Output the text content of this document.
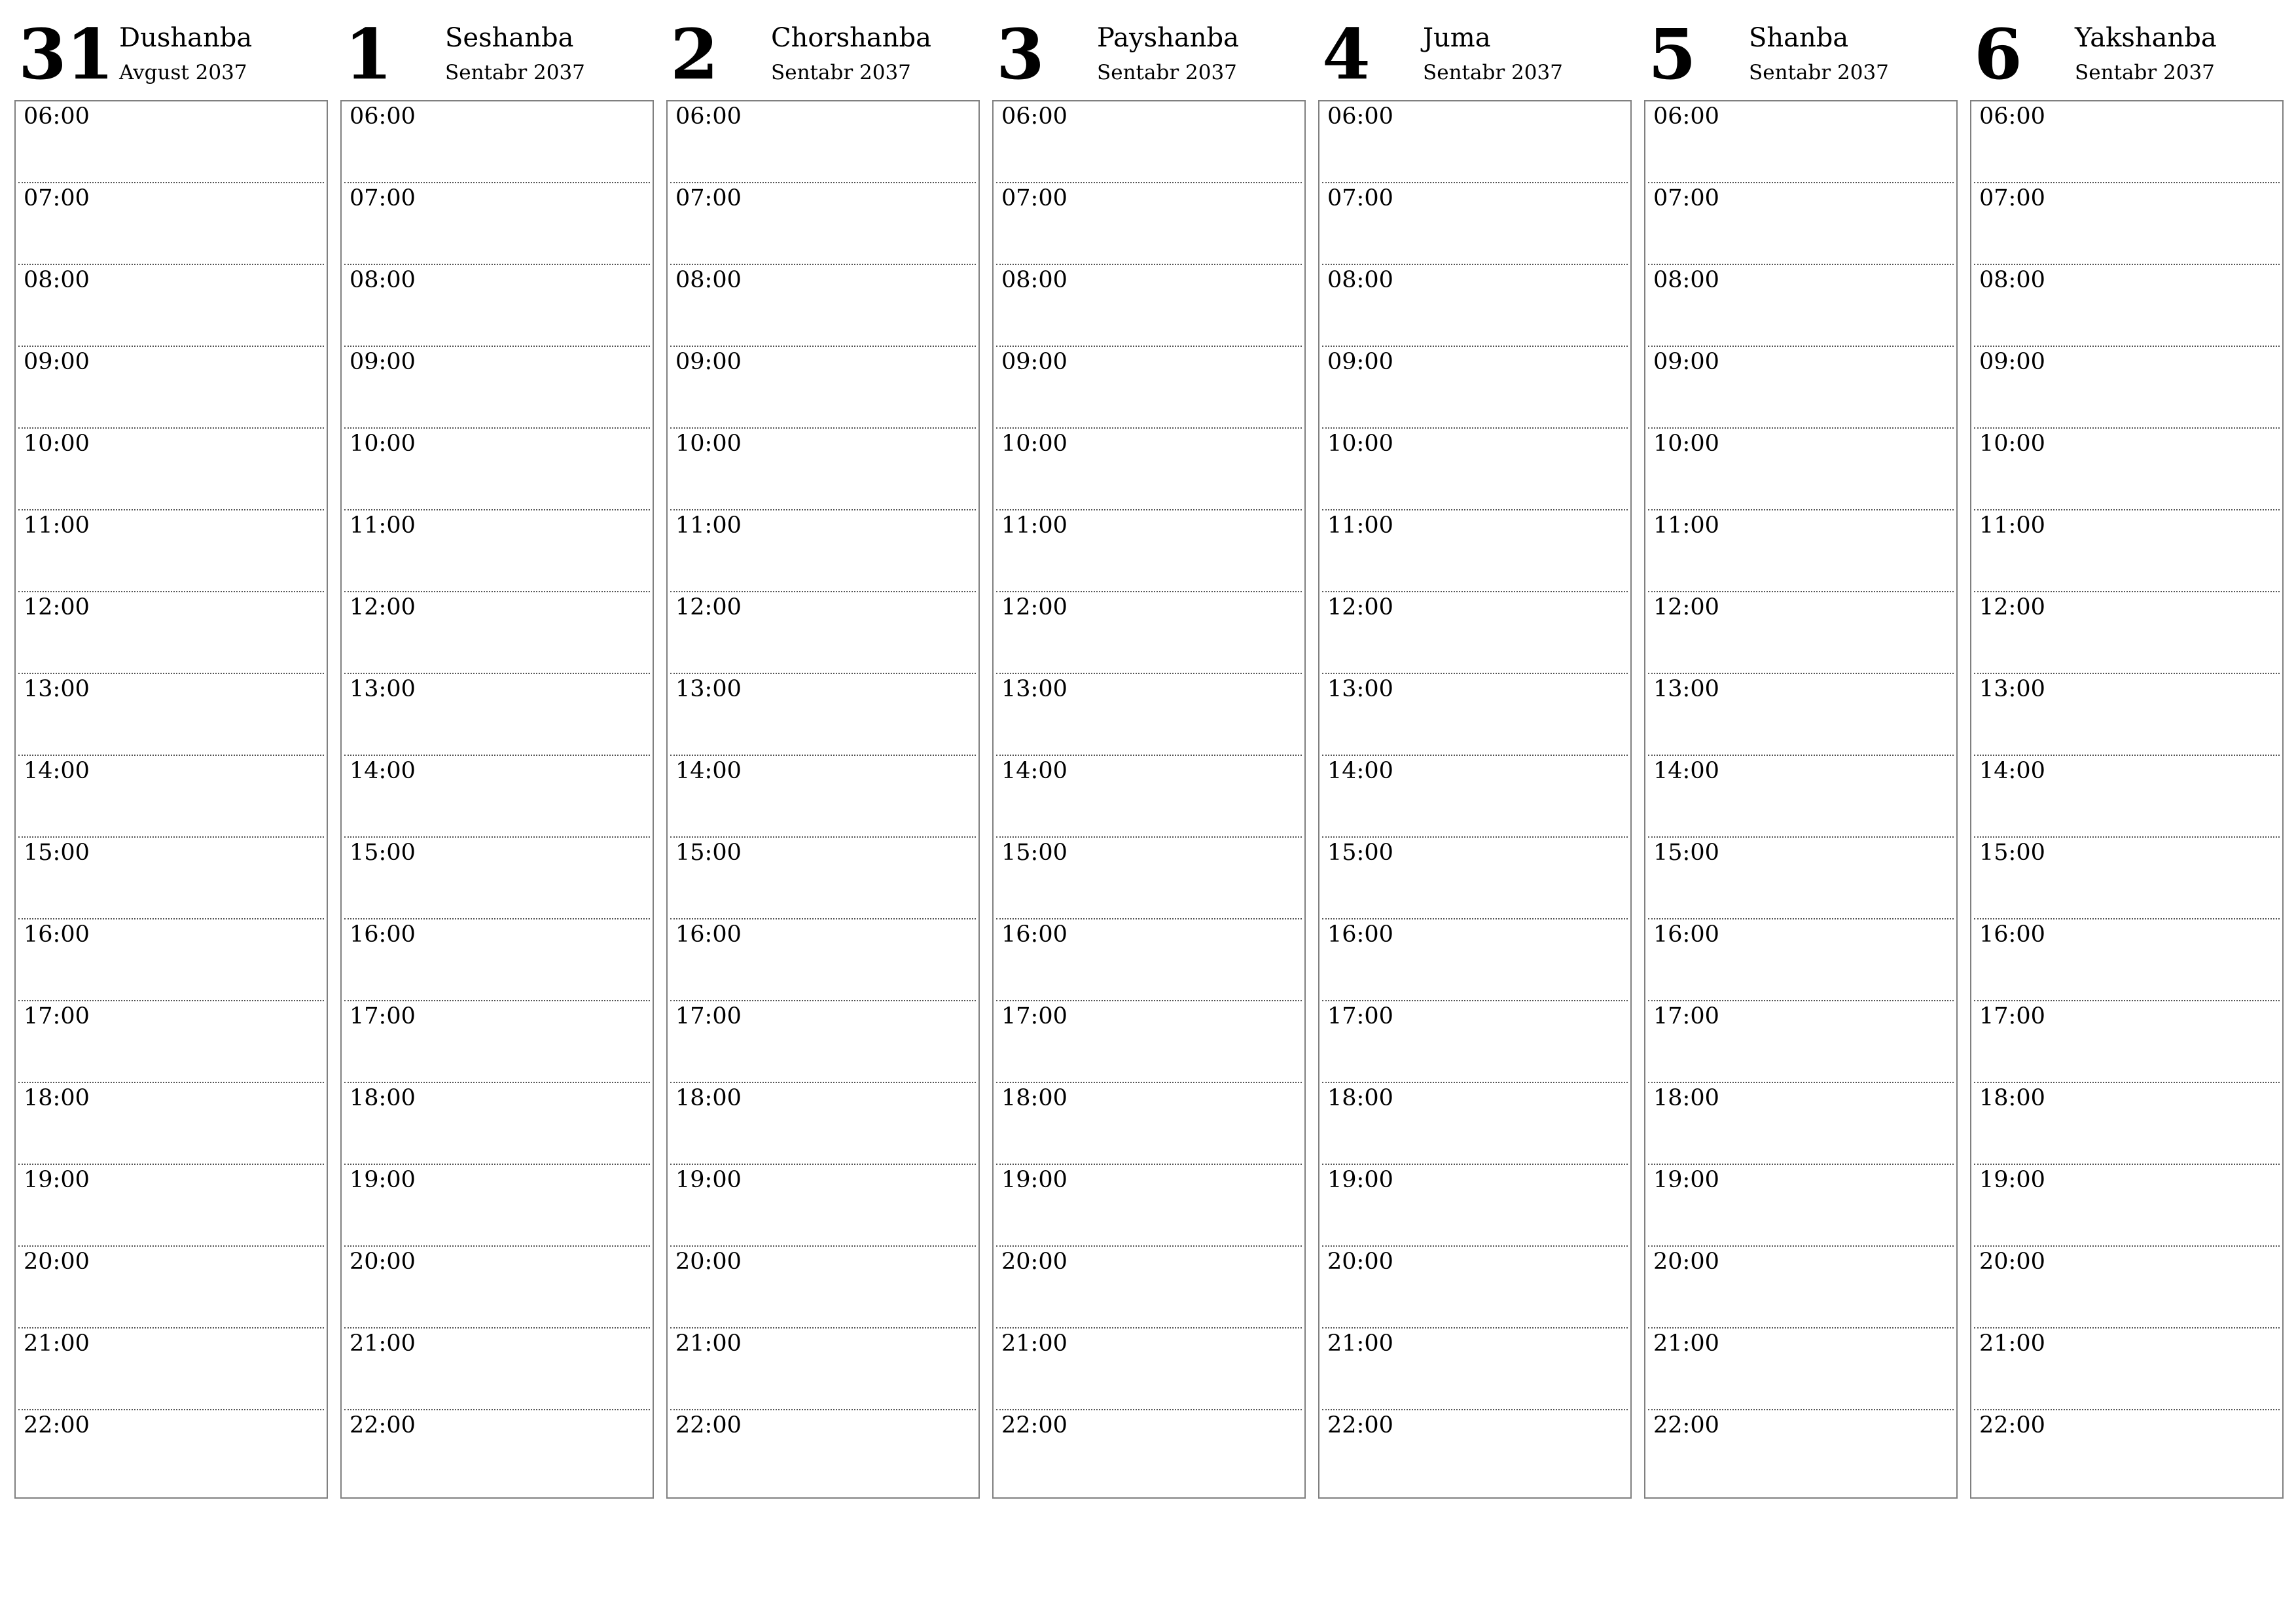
31 Dushanba
Avgust 2037
06:00
07:00
08:00
09:00
10:00
11:00
12:00
13:00
14:00
15:00
16:00
17:00
18:00
19:00
20:00
21:00
22:00
1 Seshanba
Sentabr 2037
06:00
07:00
08:00
09:00
10:00
11:00
12:00
13:00
14:00
15:00
16:00
17:00
18:00
19:00
20:00
21:00
22:00
2 Chorshanba
Sentabr 2037
06:00
07:00
08:00
09:00
10:00
11:00
12:00
13:00
14:00
15:00
16:00
17:00
18:00
19:00
20:00
21:00
22:00
3 Payshanba
Sentabr 2037
06:00
07:00
08:00
09:00
10:00
11:00
12:00
13:00
14:00
15:00
16:00
17:00
18:00
19:00
20:00
21:00
22:00
4 Juma
Sentabr 2037
06:00
07:00
08:00
09:00
10:00
11:00
12:00
13:00
14:00
15:00
16:00
17:00
18:00
19:00
20:00
21:00
22:00
5 Shanba
Sentabr 2037
06:00
07:00
08:00
09:00
10:00
11:00
12:00
13:00
14:00
15:00
16:00
17:00
18:00
19:00
20:00
21:00
22:00
6 Yakshanba
Sentabr 2037
06:00
07:00
08:00
09:00
10:00
11:00
12:00
13:00
14:00
15:00
16:00
17:00
18:00
19:00
20:00
21:00
22:00
